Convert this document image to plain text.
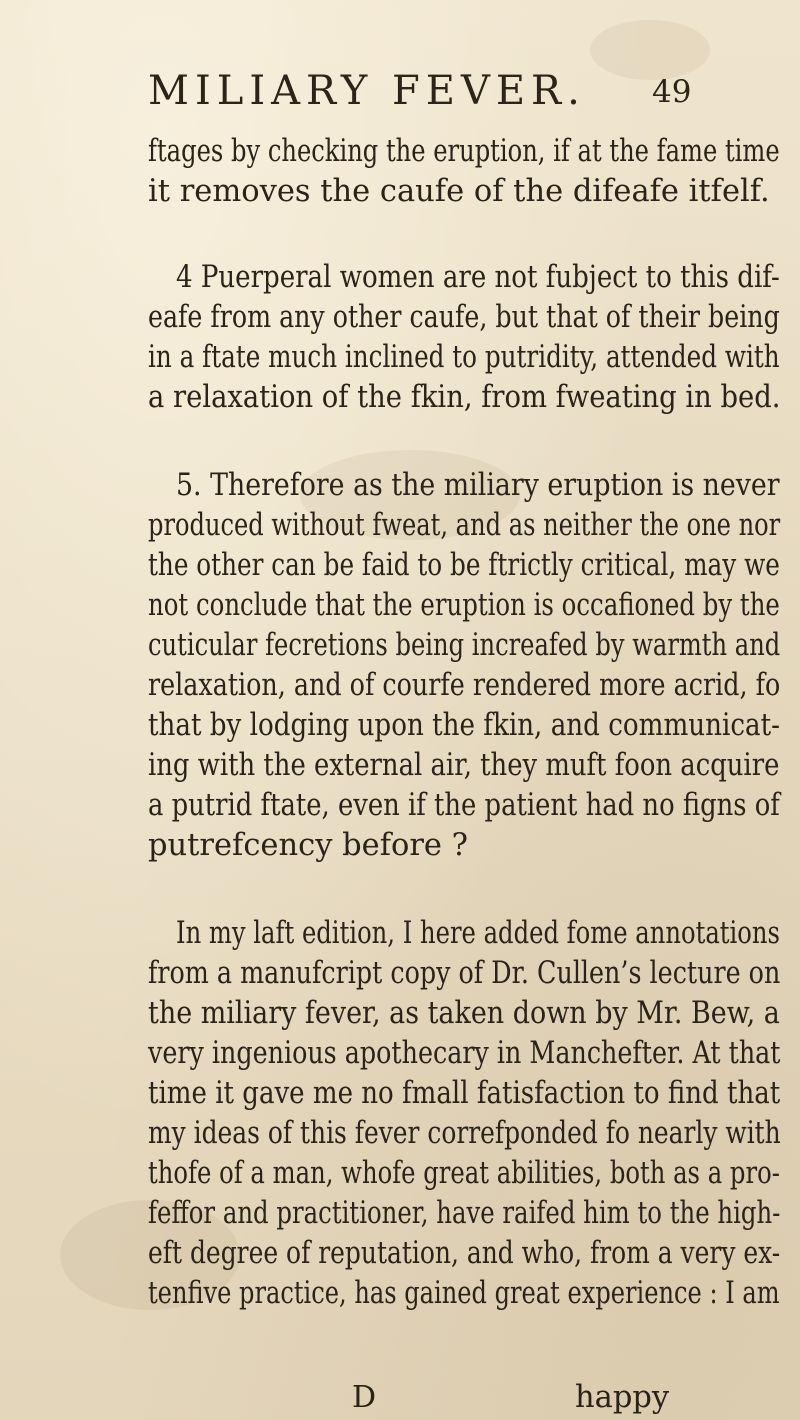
MILIARY FEVER. 49
ftages by checking the eruption, if at the fame time
it removes the caufe of the difeafe itfelf.
4 Puerperal women are not fubject to this dif-
eafe from any other caufe, but that of their being
in a ftate much inclined to putridity, attended with
a relaxation of the fkin, from fweating in bed.
5. Therefore as the miliary eruption is never
produced without fweat, and as neither the one nor
the other can be faid to be ftrictly critical, may we
not conclude that the eruption is occafioned by the
cuticular fecretions being increafed by warmth and
relaxation, and of courfe rendered more acrid, fo
that by lodging upon the fkin, and communicat-
ing with the external air, they muft foon acquire
a putrid ftate, even if the patient had no figns of
putrefcency before ?
In my laft edition, I here added fome annotations
from a manufcript copy of Dr. Cullen’s lecture on
the miliary fever, as taken down by Mr. Bew, a
very ingenious apothecary in Manchefter. At that
time it gave me no fmall fatisfaction to find that
my ideas of this fever correfponded fo nearly with
thofe of a man, whofe great abilities, both as a pro-
feffor and practitioner, have raifed him to the high-
eft degree of reputation, and who, from a very ex-
tenfive practice, has gained great experience : I am
D	happy
